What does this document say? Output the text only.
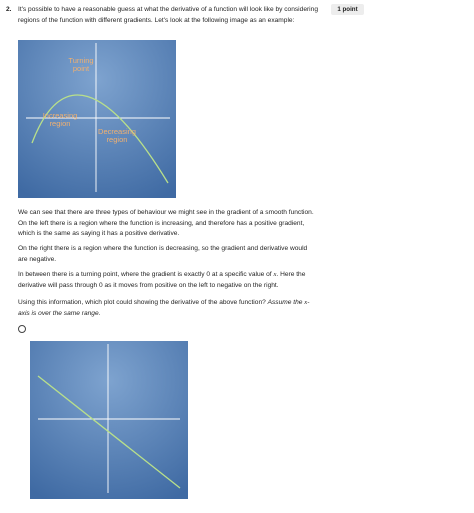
2.	1 point

It's possible to have a reasonable guess at what the derivative of a function will look like by considering regions of the function with different gradients. Let's look at the following image as an example:

Turning
point
Increasing
region
Decreasing
region

We can see that there are three types of behaviour we might see in the gradient of a smooth function. On the left there is a region where the function is increasing, and therefore has a positive gradient, which is the same as saying it has a positive derivative.

On the right there is a region where the function is decreasing, so the gradient and derivative would are negative.

In between there is a turning point, where the gradient is exactly 0 at a specific value of x. Here the derivative will pass through 0 as it moves from positive on the left to negative on the right.

Using this information, which plot could showing the derivative of the above function? Assume the x-axis is over the same range.
